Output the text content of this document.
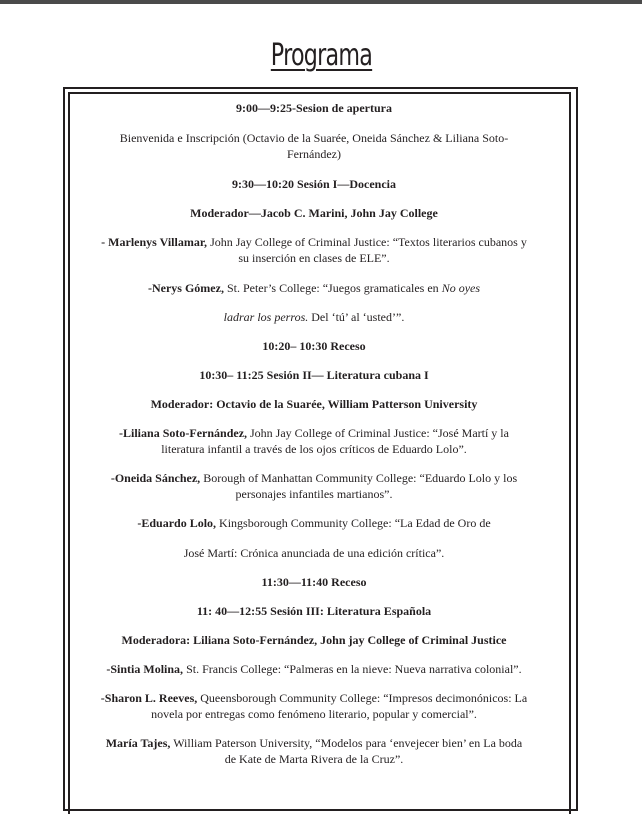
Programa

9:00—9:25-Sesion de apertura

Bienvenida e Inscripción (Octavio de la Suarée, Oneida Sánchez & Liliana Soto-Fernández)

9:30—10:20 Sesión I—Docencia

Moderador—Jacob C. Marini, John Jay College

- Marlenys Villamar, John Jay College of Criminal Justice: “Textos literarios cubanos y su inserción en clases de ELE”.

-Nerys Gómez, St. Peter’s College: “Juegos gramaticales en No oyes

ladrar los perros. Del ‘tú’ al ‘usted’”.

10:20– 10:30 Receso

10:30– 11:25 Sesión II— Literatura cubana I

Moderador: Octavio de la Suarée, William Patterson University

-Liliana Soto-Fernández, John Jay College of Criminal Justice: “José Martí y la literatura infantil a través de los ojos críticos de Eduardo Lolo”.

-Oneida Sánchez, Borough of Manhattan Community College: “Eduardo Lolo y los personajes infantiles martianos”.

-Eduardo Lolo, Kingsborough Community College: “La Edad de Oro de

José Martí: Crónica anunciada de una edición crítica”.

11:30—11:40 Receso

11: 40—12:55 Sesión III: Literatura Española

Moderadora: Liliana Soto-Fernández, John jay College of Criminal Justice

-Sintia Molina, St. Francis College: “Palmeras en la nieve: Nueva narrativa colonial”.

-Sharon L. Reeves, Queensborough Community College: “Impresos decimonónicos: La novela por entregas como fenómeno literario, popular y comercial”.

María Tajes, William Paterson University, “Modelos para ‘envejecer bien’ en La boda de Kate de Marta Rivera de la Cruz”.
